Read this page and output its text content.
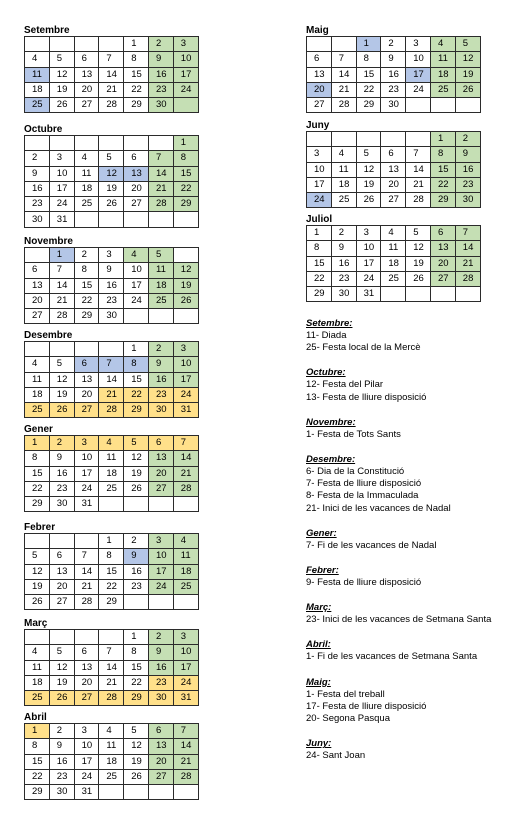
Setembre
				1	2	3
4	5	6	7	8	9	10
11	12	13	14	15	16	17
18	19	20	21	22	23	24
25	26	27	28	29	30	
Octubre
						1
2	3	4	5	6	7	8
9	10	11	12	13	14	15
16	17	18	19	20	21	22
23	24	25	26	27	28	29
30	31					
Novembre
	1	2	3	4	5	
6	7	8	9	10	11	12
13	14	15	16	17	18	19
20	21	22	23	24	25	26
27	28	29	30			
Desembre
				1	2	3
4	5	6	7	8	9	10
11	12	13	14	15	16	17
18	19	20	21	22	23	24
25	26	27	28	29	30	31
Gener
1	2	3	4	5	6	7
8	9	10	11	12	13	14
15	16	17	18	19	20	21
22	23	24	25	26	27	28
29	30	31				
Febrer
			1	2	3	4
5	6	7	8	9	10	11
12	13	14	15	16	17	18
19	20	21	22	23	24	25
26	27	28	29			
Març
				1	2	3
4	5	6	7	8	9	10
11	12	13	14	15	16	17
18	19	20	21	22	23	24
25	26	27	28	29	30	31
Abril
1	2	3	4	5	6	7
8	9	10	11	12	13	14
15	16	17	18	19	20	21
22	23	24	25	26	27	28
29	30	31				
Maig
		1	2	3	4	5
6	7	8	9	10	11	12
13	14	15	16	17	18	19
20	21	22	23	24	25	26
27	28	29	30			
Juny
					1	2
3	4	5	6	7	8	9
10	11	12	13	14	15	16
17	18	19	20	21	22	23
24	25	26	27	28	29	30
Juliol
1	2	3	4	5	6	7
8	9	10	11	12	13	14
15	16	17	18	19	20	21
22	23	24	25	26	27	28
29	30	31				
Setembre:
11- Diada
25- Festa local de la Mercè
Octubre:
12- Festa del Pilar
13- Festa de lliure disposició
Novembre:
1- Festa de Tots Sants
Desembre:
6- Dia de la Constitució
7- Festa de lliure disposició
8- Festa de la Immaculada
21- Inici de les vacances de Nadal
Gener:
7- Fi de les vacances de Nadal
Febrer:
9- Festa de lliure disposició
Març:
23- Inici de les vacances de Setmana Santa
Abril:
1- Fi de les vacances de Setmana Santa
Maig:
1- Festa del treball
17- Festa de lliure disposició
20- Segona Pasqua
Juny:
24- Sant Joan
